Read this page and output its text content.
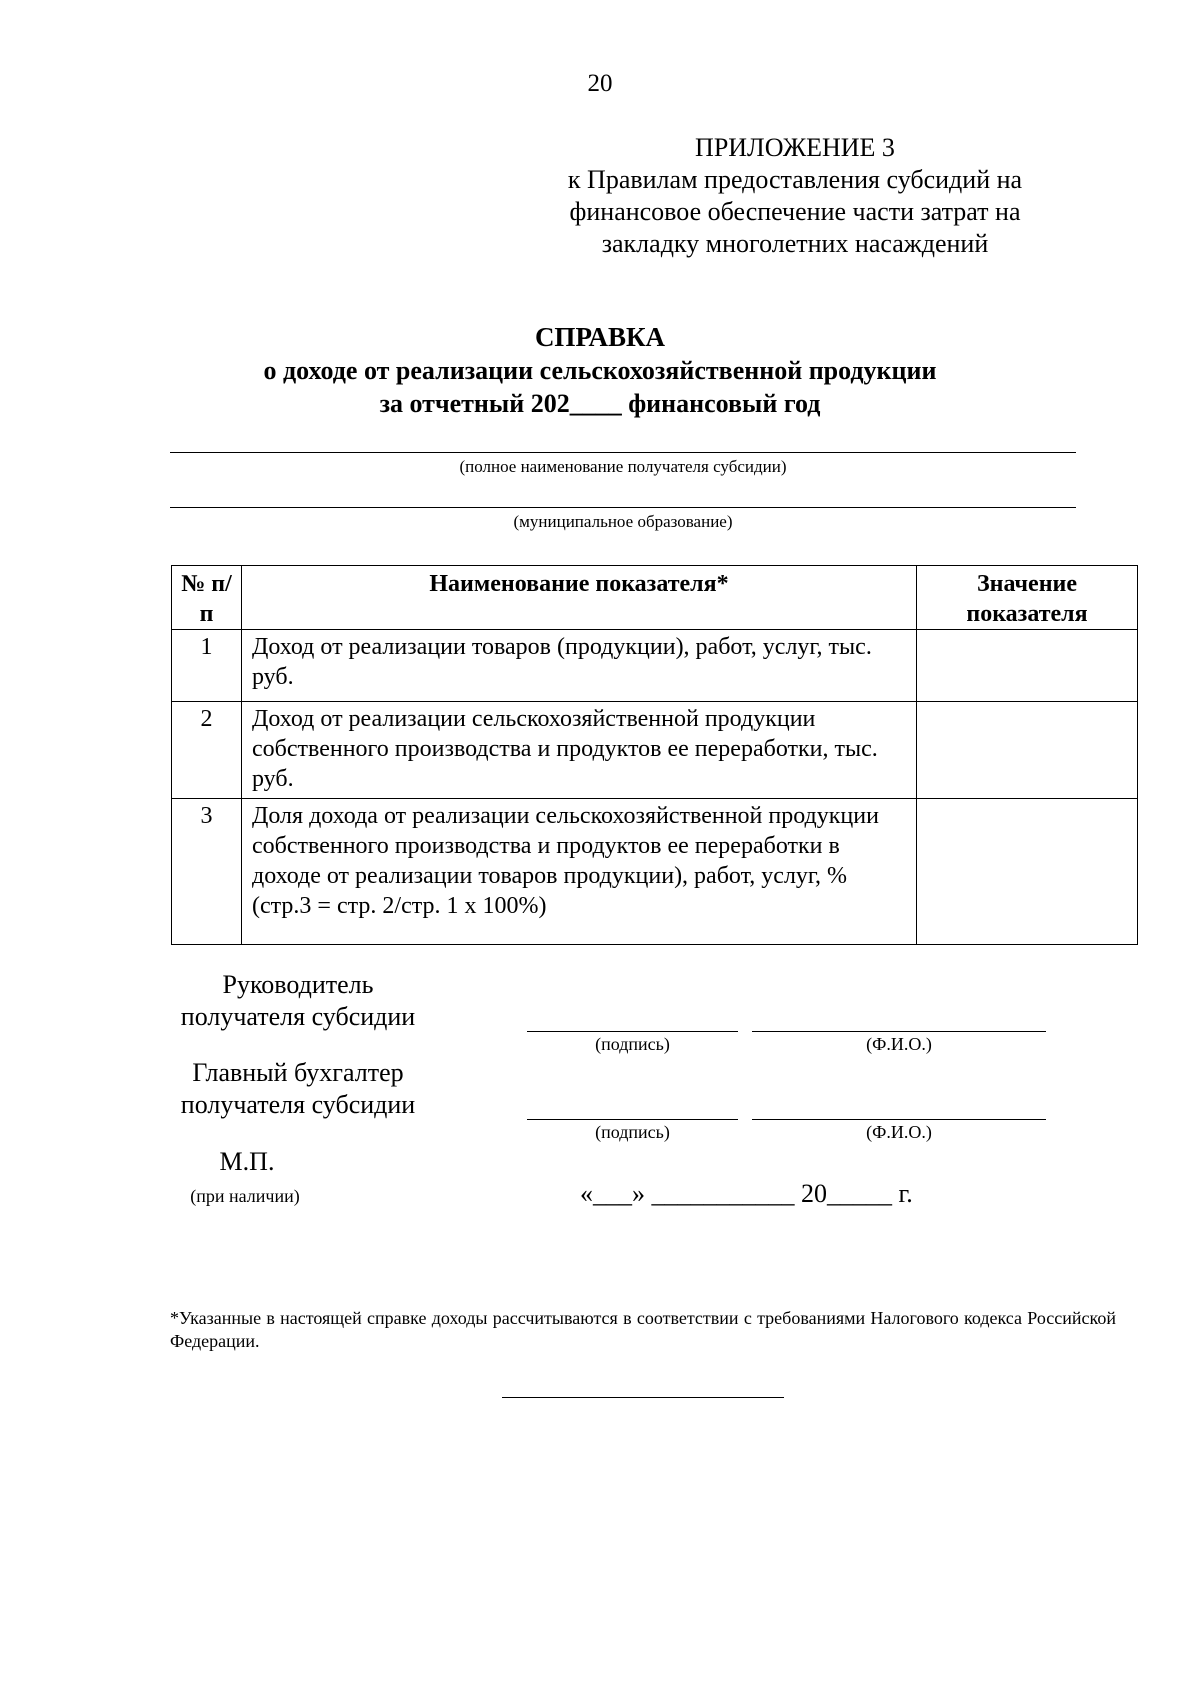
20
ПРИЛОЖЕНИЕ 3
к Правилам предоставления субсидий на
финансовое обеспечение части затрат на
закладку многолетних насаждений
СПРАВКА
о доходе от реализации сельскохозяйственной продукции
за отчетный 202____ финансовый год
(полное наименование получателя субсидии)
(муниципальное образование)
№ п/п	Наименование показателя*	Значение показателя
1	Доход от реализации товаров (продукции), работ, услуг, тыс. руб.	
2	Доход от реализации сельскохозяйственной продукции собственного производства и продуктов ее переработки, тыс. руб.	
3	Доля дохода от реализации сельскохозяйственной продукции собственного производства и продуктов ее переработки в доходе от реализации товаров продукции), работ, услуг, % (стр.3 = стр. 2/стр. 1 х 100%)	
Руководитель
получателя субсидии
(подпись)	(Ф.И.О.)
Главный бухгалтер
получателя субсидии
(подпись)	(Ф.И.О.)
М.П.
(при наличии)	«___» ___________ 20_____ г.
*Указанные в настоящей справке доходы рассчитываются в соответствии с требованиями Налогового кодекса Российской Федерации.
